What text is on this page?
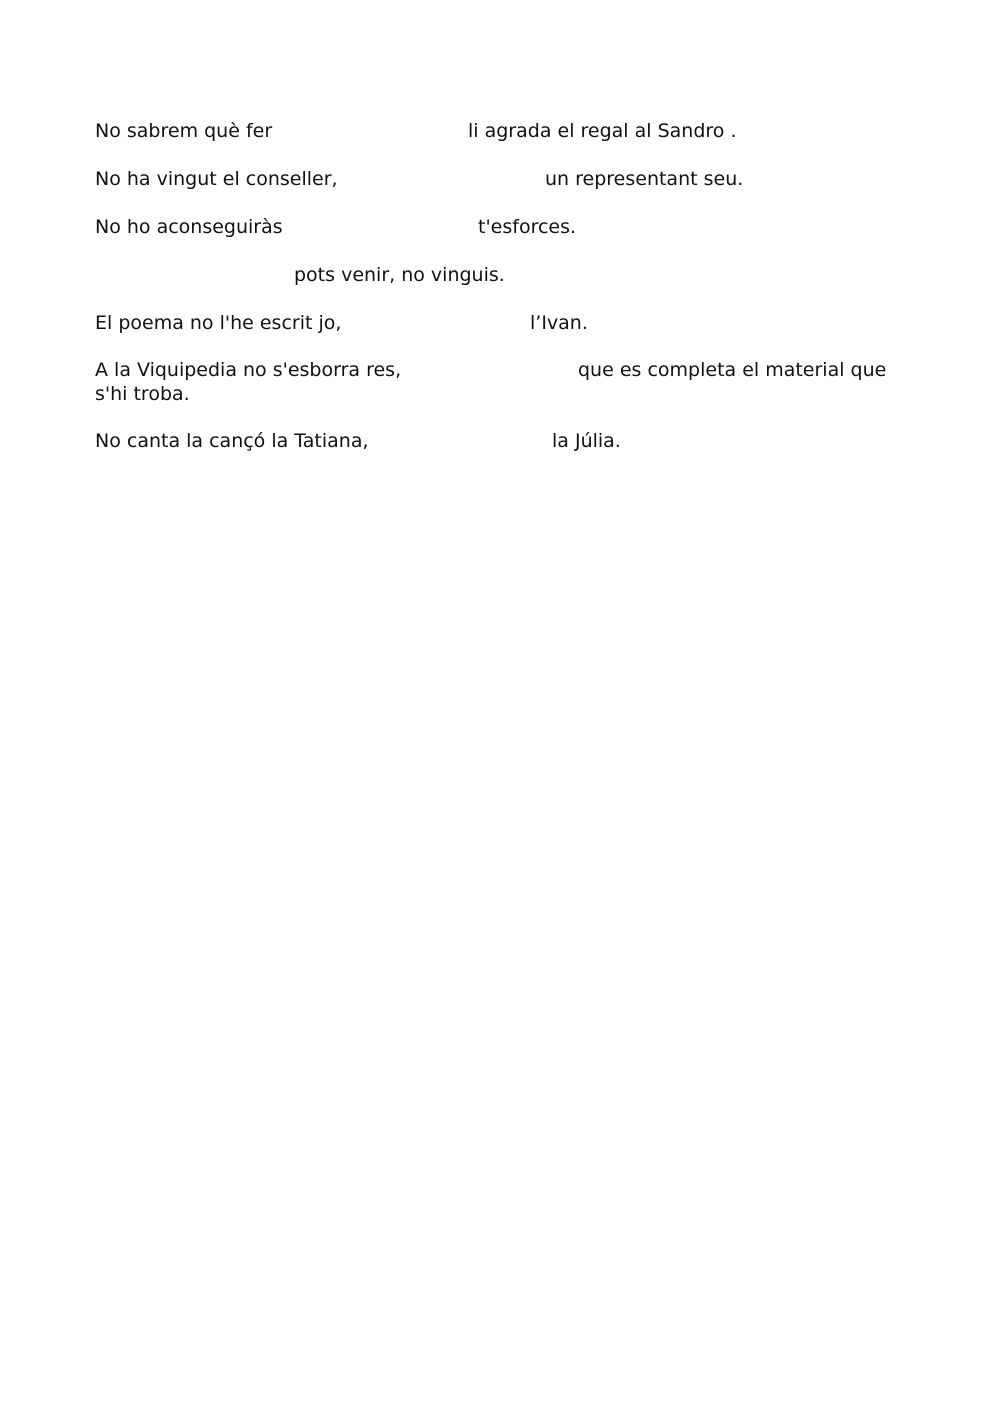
No sabrem què fer	li agrada el regal al Sandro .
No ha vingut el conseller,	un representant seu.
No ho aconseguiràs	t'esforces.
pots venir, no vinguis.
El poema no l'he escrit jo,	l’Ivan.
A la Viquipedia no s'esborra res,	que es completa el material que
s'hi troba.
No canta la cançó la Tatiana,	la Júlia.
